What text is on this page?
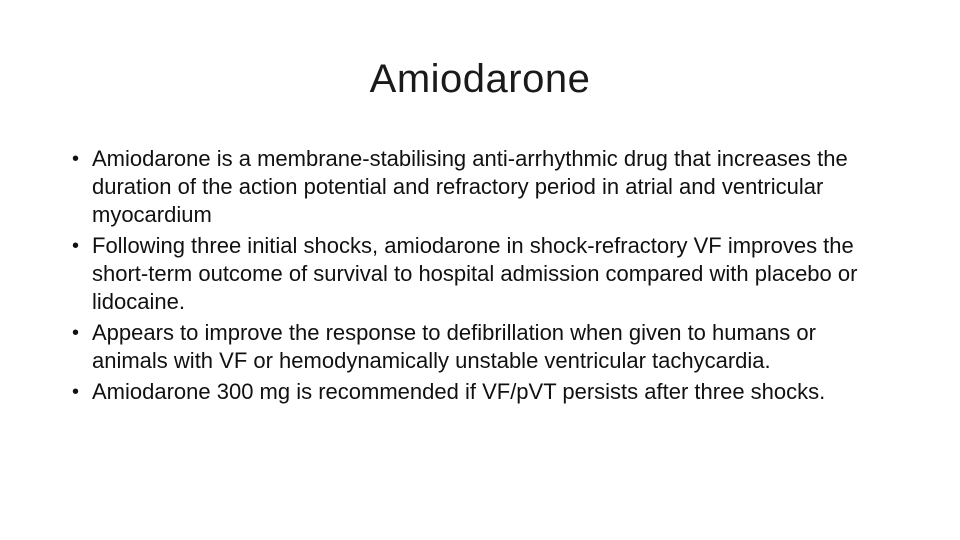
Amiodarone
• Amiodarone is a membrane-stabilising anti-arrhythmic drug that increases the duration of the action potential and refractory period in atrial and ventricular myocardium
• Following three initial shocks, amiodarone in shock-refractory VF improves the short-term outcome of survival to hospital admission compared with placebo or lidocaine.
• Appears to improve the response to defibrillation when given to humans or animals with VF or hemodynamically unstable ventricular tachycardia.
• Amiodarone 300 mg is recommended if VF/pVT persists after three shocks.
